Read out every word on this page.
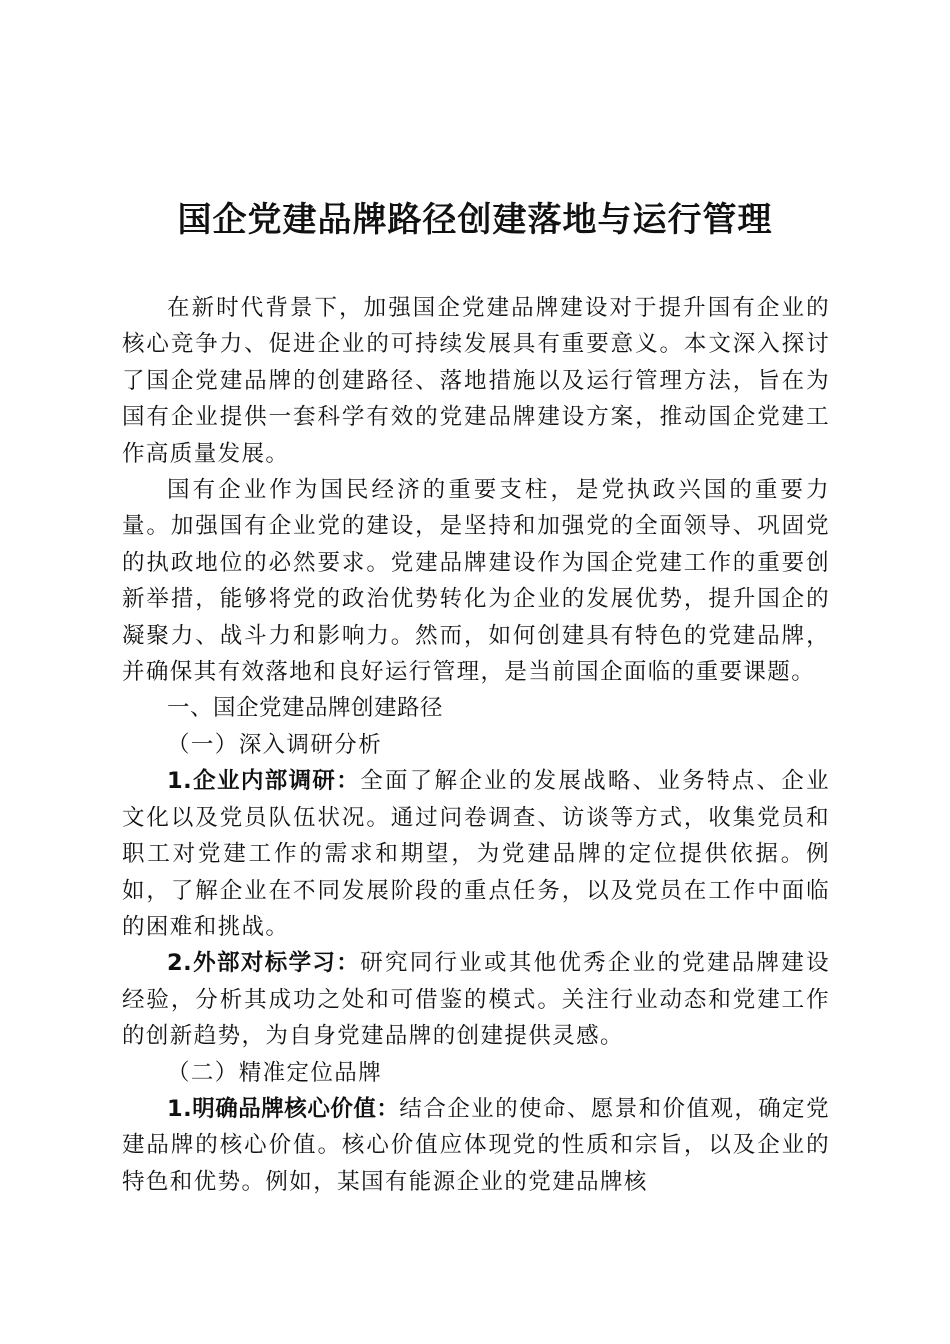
国企党建品牌路径创建落地与运行管理

在新时代背景下，加强国企党建品牌建设对于提升国有企业的核心竞争力、促进企业的可持续发展具有重要意义。本文深入探讨了国企党建品牌的创建路径、落地措施以及运行管理方法，旨在为国有企业提供一套科学有效的党建品牌建设方案，推动国企党建工作高质量发展。

国有企业作为国民经济的重要支柱，是党执政兴国的重要力量。加强国有企业党的建设，是坚持和加强党的全面领导、巩固党的执政地位的必然要求。党建品牌建设作为国企党建工作的重要创新举措，能够将党的政治优势转化为企业的发展优势，提升国企的凝聚力、战斗力和影响力。然而，如何创建具有特色的党建品牌，并确保其有效落地和良好运行管理，是当前国企面临的重要课题。

一、国企党建品牌创建路径

（一）深入调研分析

1.企业内部调研：全面了解企业的发展战略、业务特点、企业文化以及党员队伍状况。通过问卷调查、访谈等方式，收集党员和职工对党建工作的需求和期望，为党建品牌的定位提供依据。例如，了解企业在不同发展阶段的重点任务，以及党员在工作中面临的困难和挑战。

2.外部对标学习：研究同行业或其他优秀企业的党建品牌建设经验，分析其成功之处和可借鉴的模式。关注行业动态和党建工作的创新趋势，为自身党建品牌的创建提供灵感。

（二）精准定位品牌

1.明确品牌核心价值：结合企业的使命、愿景和价值观，确定党建品牌的核心价值。核心价值应体现党的性质和宗旨，以及企业的特色和优势。例如，某国有能源企业的党建品牌核
